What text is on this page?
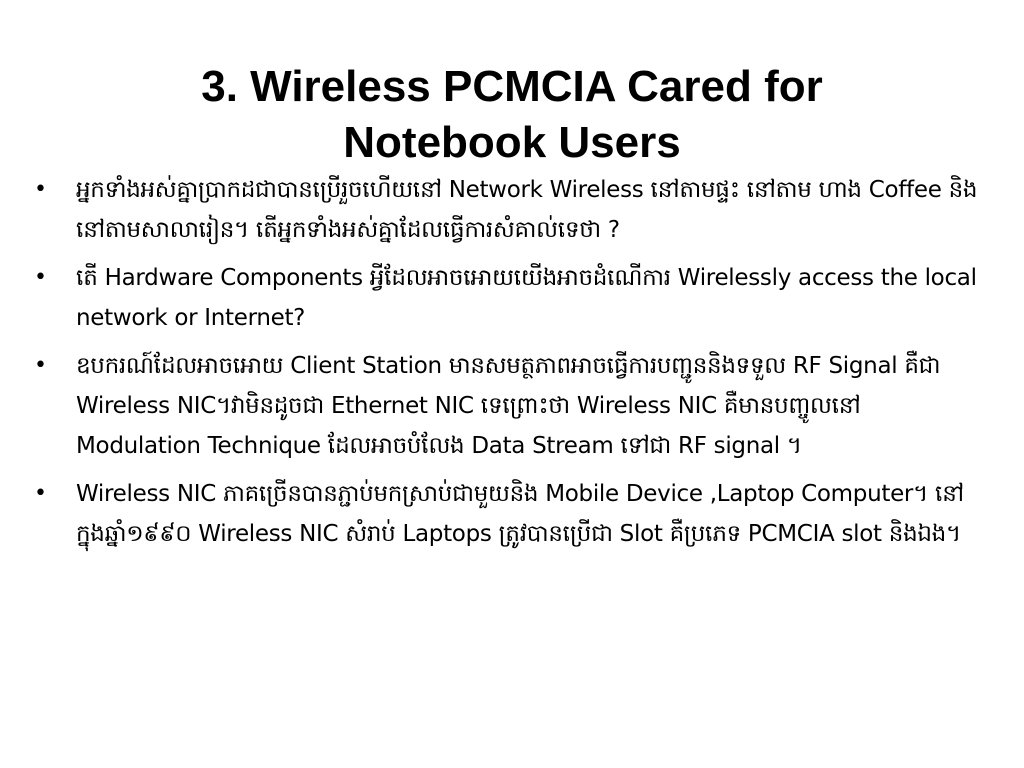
3. Wireless PCMCIA Cared for
Notebook Users
• អ្នកទាំងអស់គ្នាប្រាកដជាបានប្រើរួចហើយនៅ Network Wireless នៅតាមផ្ទះ នៅតាម ហាង Coffee និងនៅតាមសាលារៀន។ តើអ្នកទាំងអស់គ្នាដែលធ្វើការសំគាល់ទេថា ?
• តើ Hardware Components អ្វីដែលអាចអោយយើងអាចដំណើការ Wirelessly access the local network or Internet?
• ឧបករណ៍ដែលអាចអោយ Client Station មានសមត្ថភាពអាចធ្វើការបញ្ជូននិងទទួល RF Signal គឺជា Wireless NIC។វាមិនដូចជា Ethernet NIC ទេព្រោះថា Wireless NIC គឺមានបញ្ចូលនៅ Modulation Technique ដែលអាចបំលែង Data Stream ទៅជា RF signal ។
• Wireless NIC ភាគច្រើនបានភ្ជាប់មកស្រាប់ជាមួយនិង Mobile Device ,Laptop Computer។ នៅក្នុងឆ្នាំ១៩៩០ Wireless NIC សំរាប់ Laptops ត្រូវបានប្រើជា Slot គឺប្រភេទ PCMCIA slot និងឯង។
